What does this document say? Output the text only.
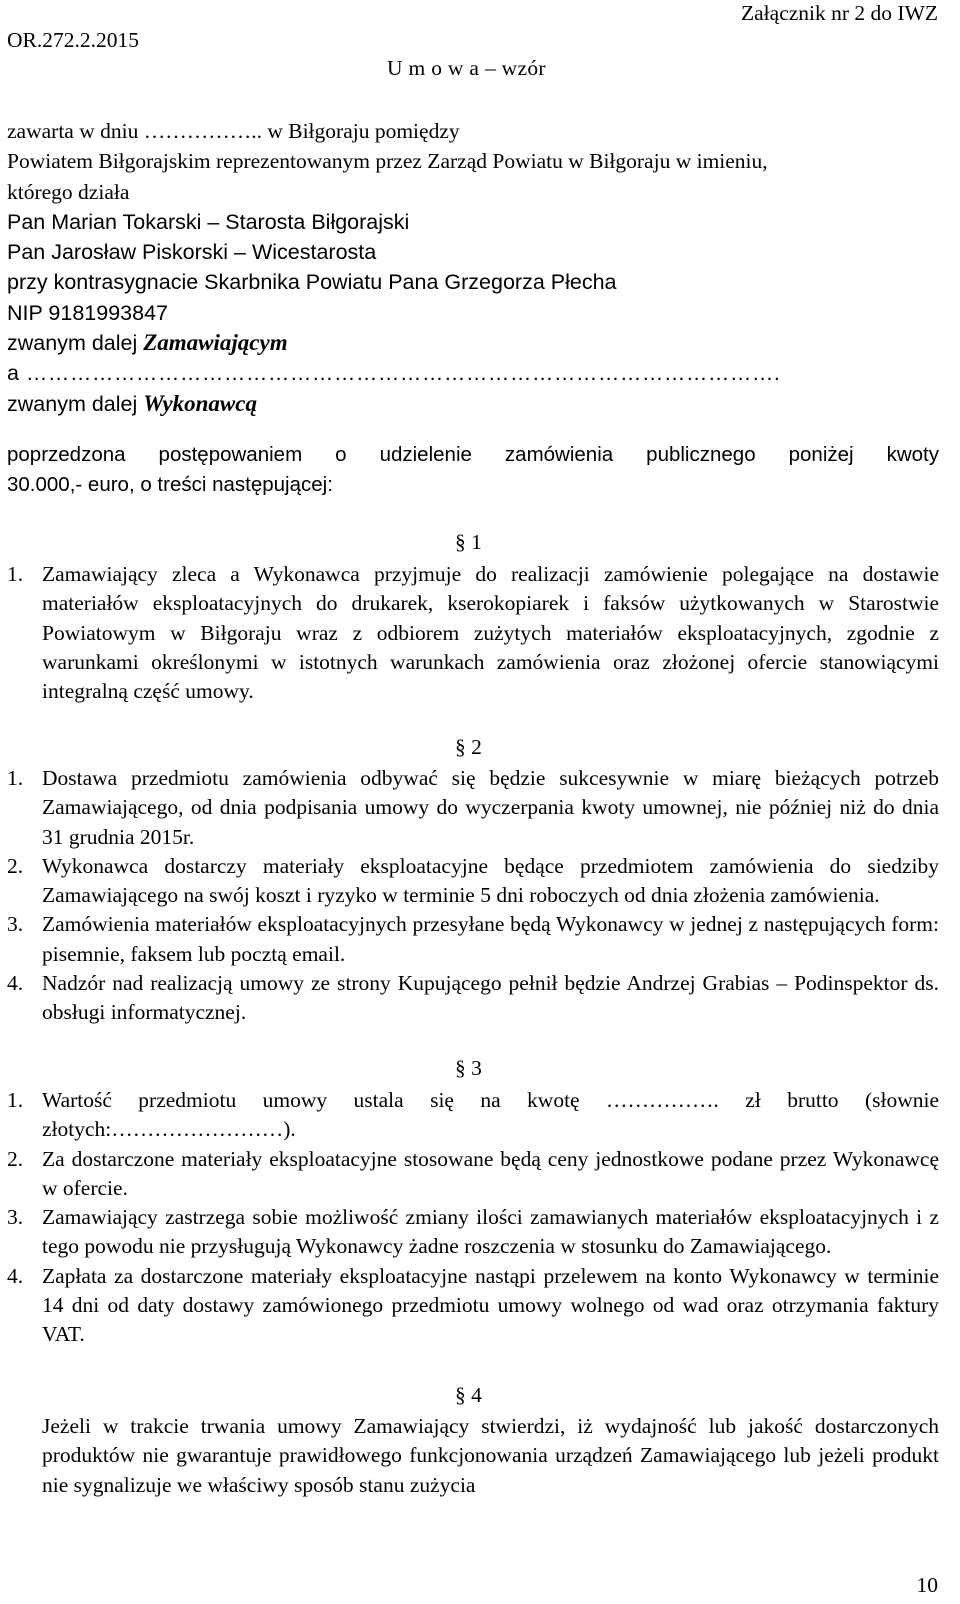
OR.272.2.2015
Załącznik nr 2 do IWZ
U m o w a – wzór
zawarta w dniu …………….. w Biłgoraju pomiędzy
Powiatem Biłgorajskim reprezentowanym przez Zarząd Powiatu w Biłgoraju w imieniu,
którego działa
Pan Marian Tokarski – Starosta Biłgorajski
Pan Jarosław Piskorski – Wicestarosta
przy kontrasygnacie Skarbnika Powiatu Pana Grzegorza Płecha
NIP 9181993847
zwanym dalej Zamawiającym
a ………………………………………………………………………………………….
zwanym dalej Wykonawcą
poprzedzona postępowaniem o udzielenie zamówienia publicznego poniżej kwoty
30.000,- euro, o treści następującej:
§ 1
1. Zamawiający zleca a Wykonawca przyjmuje do realizacji zamówienie polegające na dostawie materiałów eksploatacyjnych do drukarek, kserokopiarek i faksów użytkowanych w Starostwie Powiatowym w Biłgoraju wraz z odbiorem zużytych materiałów eksploatacyjnych, zgodnie z warunkami określonymi w istotnych warunkach zamówienia oraz złożonej ofercie stanowiącymi integralną część umowy.
§ 2
1. Dostawa przedmiotu zamówienia odbywać się będzie sukcesywnie w miarę bieżących potrzeb Zamawiającego, od dnia podpisania umowy do wyczerpania kwoty umownej, nie później niż do dnia 31 grudnia 2015r.
2. Wykonawca dostarczy materiały eksploatacyjne będące przedmiotem zamówienia do siedziby Zamawiającego na swój koszt i ryzyko w terminie 5 dni roboczych od dnia złożenia zamówienia.
3. Zamówienia materiałów eksploatacyjnych przesyłane będą Wykonawcy w jednej z następujących form: pisemnie, faksem lub pocztą email.
4. Nadzór nad realizacją umowy ze strony Kupującego pełnił będzie Andrzej Grabias – Podinspektor ds. obsługi informatycznej.
§ 3
1. Wartość przedmiotu umowy ustala się na kwotę ……………. zł brutto (słownie złotych:……………………).
2. Za dostarczone materiały eksploatacyjne stosowane będą ceny jednostkowe podane przez Wykonawcę w ofercie.
3. Zamawiający zastrzega sobie możliwość zmiany ilości zamawianych materiałów eksploatacyjnych i z tego powodu nie przysługują Wykonawcy żadne roszczenia w stosunku do Zamawiającego.
4. Zapłata za dostarczone materiały eksploatacyjne nastąpi przelewem na konto Wykonawcy w terminie 14 dni od daty dostawy zamówionego przedmiotu umowy wolnego od wad oraz otrzymania faktury VAT.
§ 4
Jeżeli w trakcie trwania umowy Zamawiający stwierdzi, iż wydajność lub jakość dostarczonych produktów nie gwarantuje prawidłowego funkcjonowania urządzeń Zamawiającego lub jeżeli produkt nie sygnalizuje we właściwy sposób stanu zużycia
10
